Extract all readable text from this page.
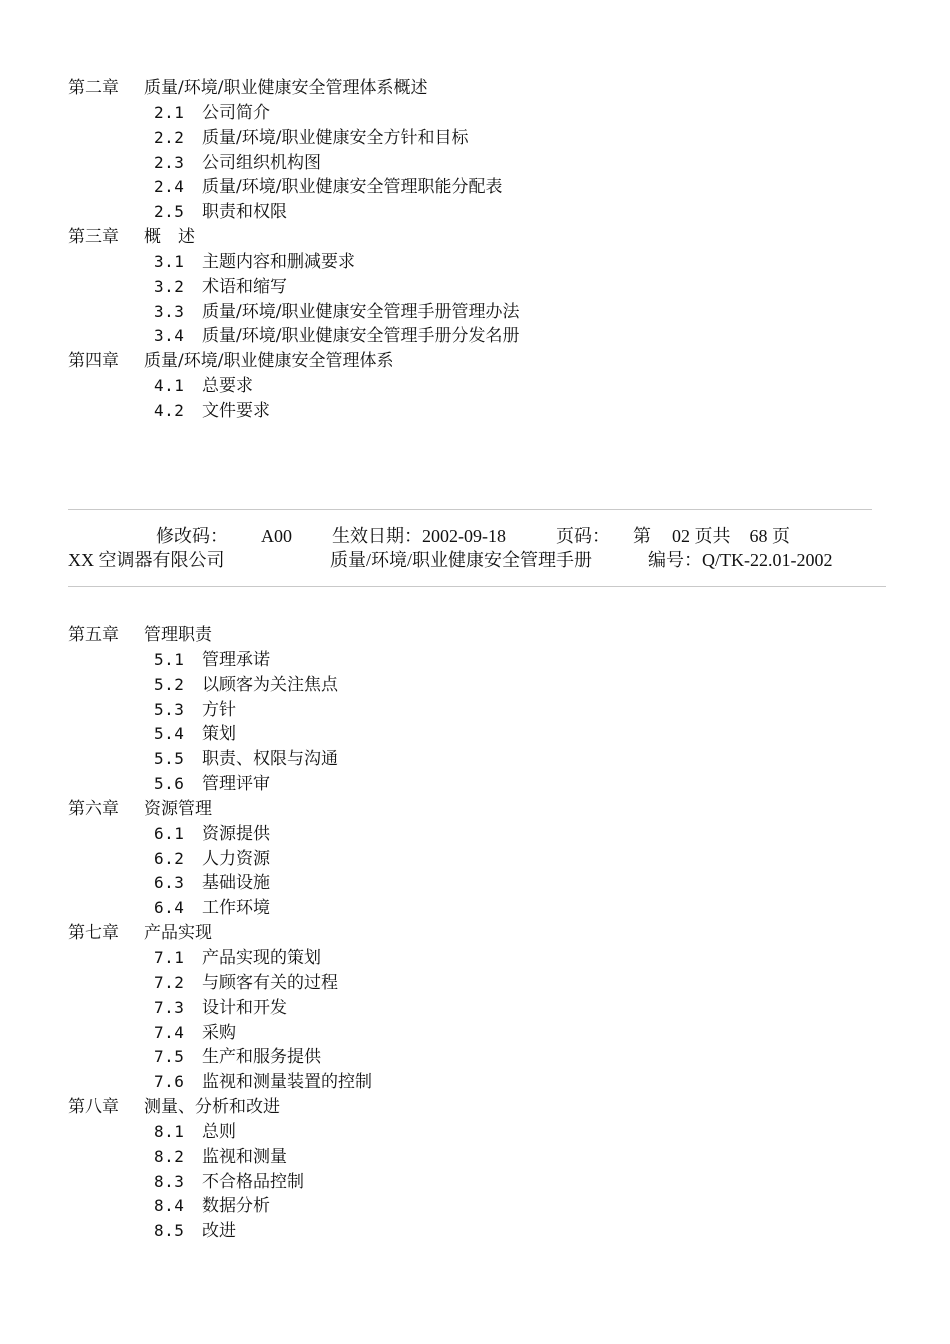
第二章 质量/环境/职业健康安全管理体系概述
2.1 公司简介
2.2 质量/环境/职业健康安全方针和目标
2.3 公司组织机构图
2.4 质量/环境/职业健康安全管理职能分配表
2.5 职责和权限
第三章 概　述
3.1 主题内容和删减要求
3.2 术语和缩写
3.3 质量/环境/职业健康安全管理手册管理办法
3.4 质量/环境/职业健康安全管理手册分发名册
第四章 质量/环境/职业健康安全管理体系
4.1 总要求
4.2 文件要求
修改码： A00 生效日期：2002-09-18	页码： 第 02 页共 68 页
XX 空调器有限公司	质量/环境/职业健康安全管理手册	编号：Q/TK-22.01-2002
第五章 管理职责
5.1 管理承诺
5.2 以顾客为关注焦点
5.3 方针
5.4 策划
5.5 职责、权限与沟通
5.6 管理评审
第六章 资源管理
6.1 资源提供
6.2 人力资源
6.3 基础设施
6.4 工作环境
第七章 产品实现
7.1 产品实现的策划
7.2 与顾客有关的过程
7.3 设计和开发
7.4 采购
7.5 生产和服务提供
7.6 监视和测量装置的控制
第八章 测量、分析和改进
8.1 总则
8.2 监视和测量
8.3 不合格品控制
8.4 数据分析
8.5 改进
